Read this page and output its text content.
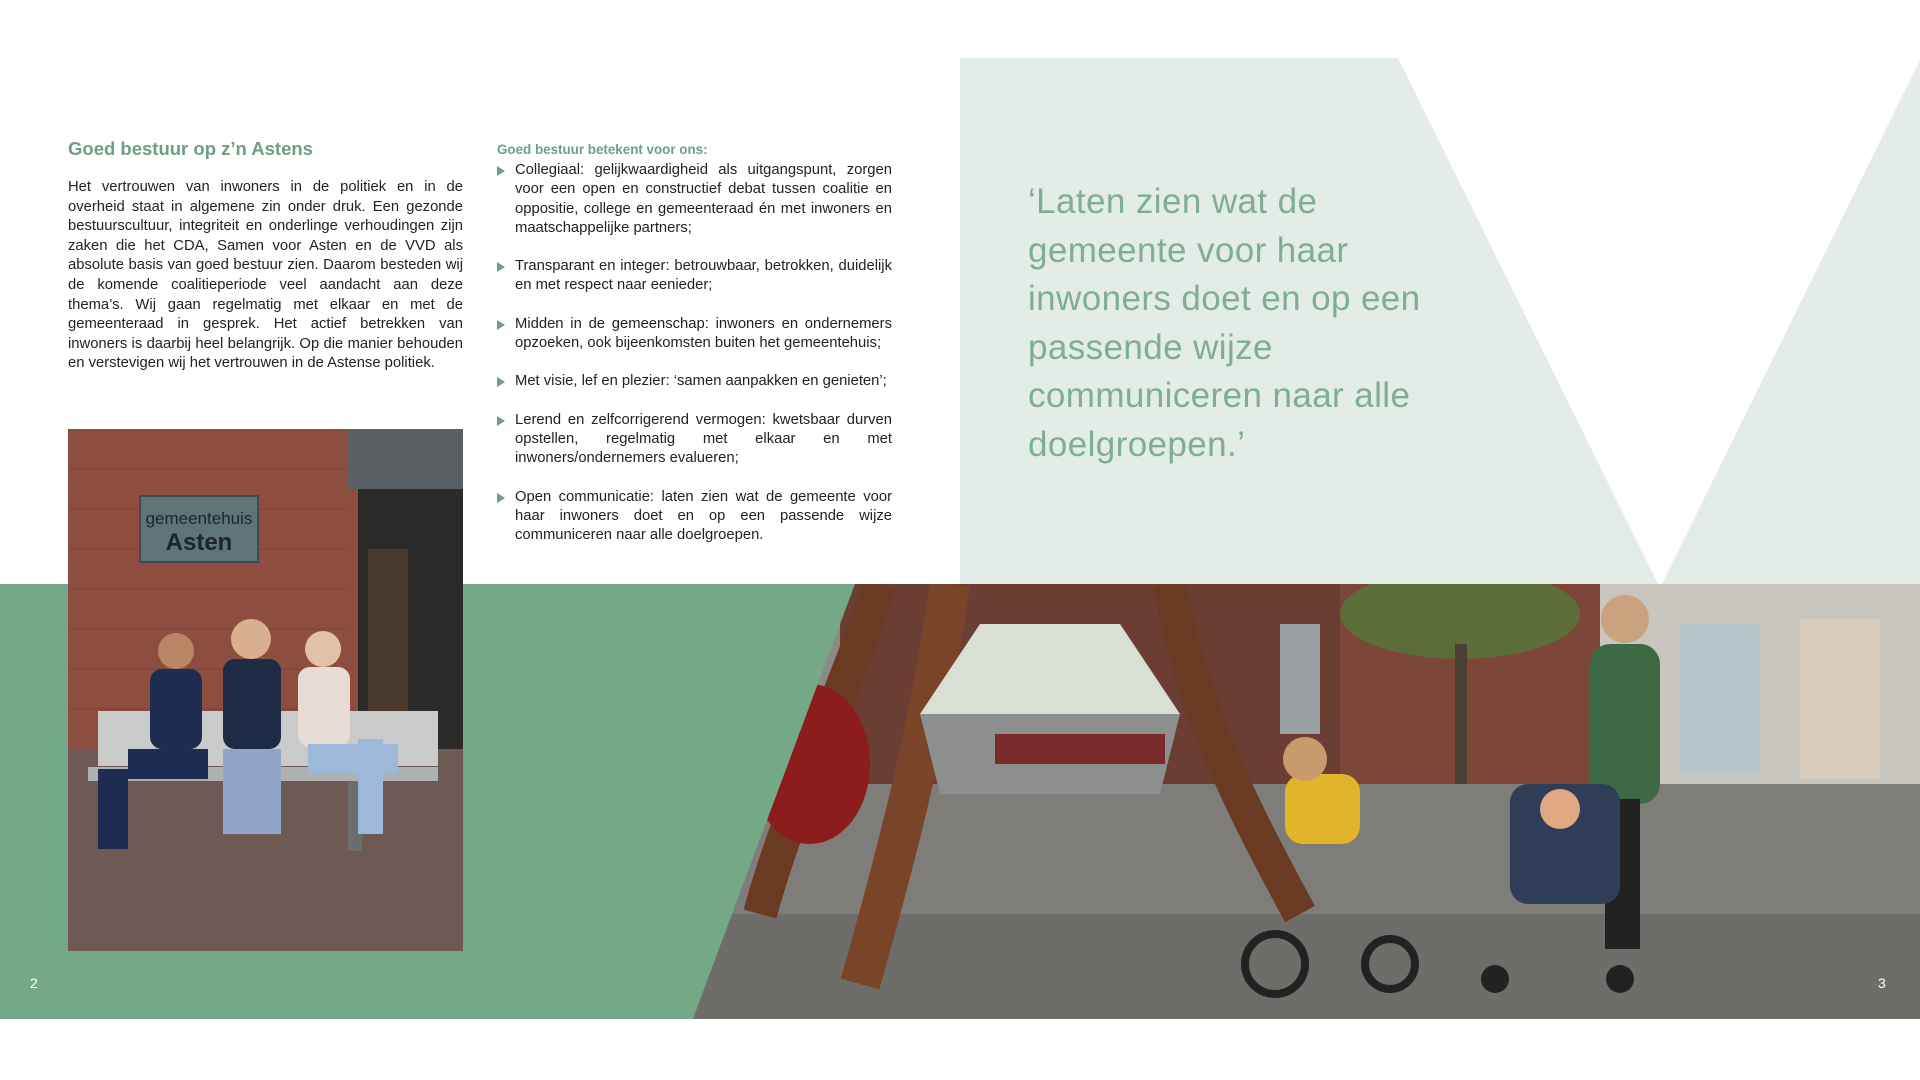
Goed bestuur op z’n Astens
Het vertrouwen van inwoners in de politiek en in de overheid staat in algemene zin onder druk. Een gezonde bestuurscultuur, integriteit en onderlinge verhoudingen zijn zaken die het CDA, Samen voor Asten en de VVD als absolute basis van goed bestuur zien. Daarom besteden wij de komende coalitieperiode veel aandacht aan deze thema’s. Wij gaan regelmatig met elkaar en met de gemeenteraad in gesprek. Het actief betrekken van inwoners is daarbij heel belangrijk. Op die manier behouden en verstevigen wij het vertrouwen in de Astense politiek.
Goed bestuur betekent voor ons:
Collegiaal: gelijkwaardigheid als uitgangspunt, zorgen voor een open en constructief debat tussen coalitie en oppositie, college en gemeenteraad én met inwoners en maatschappelijke partners;
Transparant en integer: betrouwbaar, betrokken, duidelijk en met respect naar eenieder;
Midden in de gemeenschap: inwoners en ondernemers opzoeken, ook bijeenkomsten buiten het gemeentehuis;
Met visie, lef en plezier: ‘samen aanpakken en genieten’;
Lerend en zelfcorrigerend vermogen: kwetsbaar durven opstellen, regelmatig met elkaar en met inwoners/ondernemers evalueren;
Open communicatie: laten zien wat de gemeente voor haar inwoners doet en op een passende wijze communiceren naar alle doelgroepen.
‘Laten zien wat de gemeente voor haar inwoners doet en op een passende wijze communiceren naar alle doelgroepen.’
gemeentehuis
Asten
2	3
